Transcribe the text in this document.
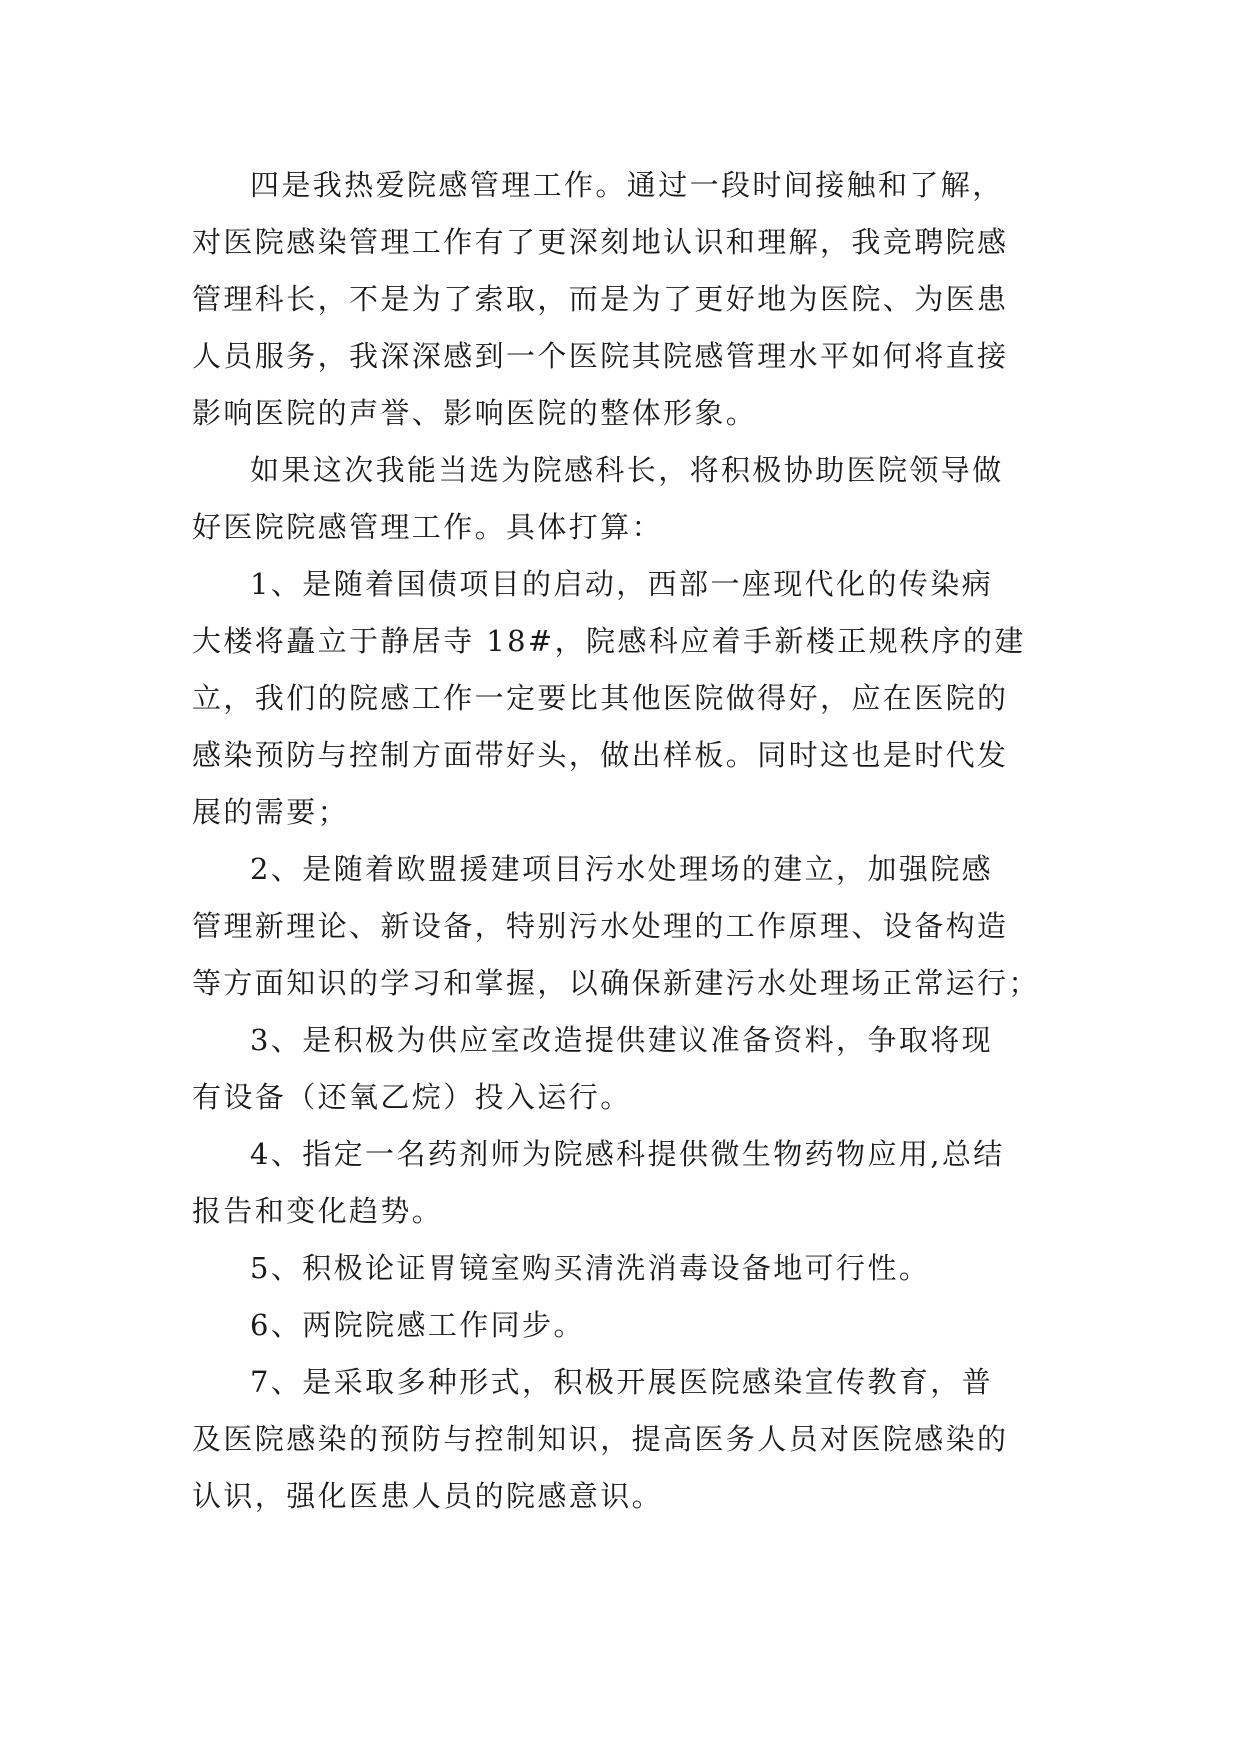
四是我热爱院感管理工作。通过一段时间接触和了解，
对医院感染管理工作有了更深刻地认识和理解，我竞聘院感
管理科长，不是为了索取，而是为了更好地为医院、为医患
人员服务，我深深感到一个医院其院感管理水平如何将直接
影响医院的声誉、影响医院的整体形象。
如果这次我能当选为院感科长，将积极协助医院领导做
好医院院感管理工作。具体打算：
1、是随着国债项目的启动，西部一座现代化的传染病
大楼将矗立于静居寺 18#，院感科应着手新楼正规秩序的建
立，我们的院感工作一定要比其他医院做得好，应在医院的
感染预防与控制方面带好头，做出样板。同时这也是时代发
展的需要；
2、是随着欧盟援建项目污水处理场的建立，加强院感
管理新理论、新设备，特别污水处理的工作原理、设备构造
等方面知识的学习和掌握，以确保新建污水处理场正常运行；
3、是积极为供应室改造提供建议准备资料，争取将现
有设备（还氧乙烷）投入运行。
4、指定一名药剂师为院感科提供微生物药物应用,总结
报告和变化趋势。
5、积极论证胃镜室购买清洗消毒设备地可行性。
6、两院院感工作同步。
7、是采取多种形式，积极开展医院感染宣传教育，普
及医院感染的预防与控制知识，提高医务人员对医院感染的
认识，强化医患人员的院感意识。
